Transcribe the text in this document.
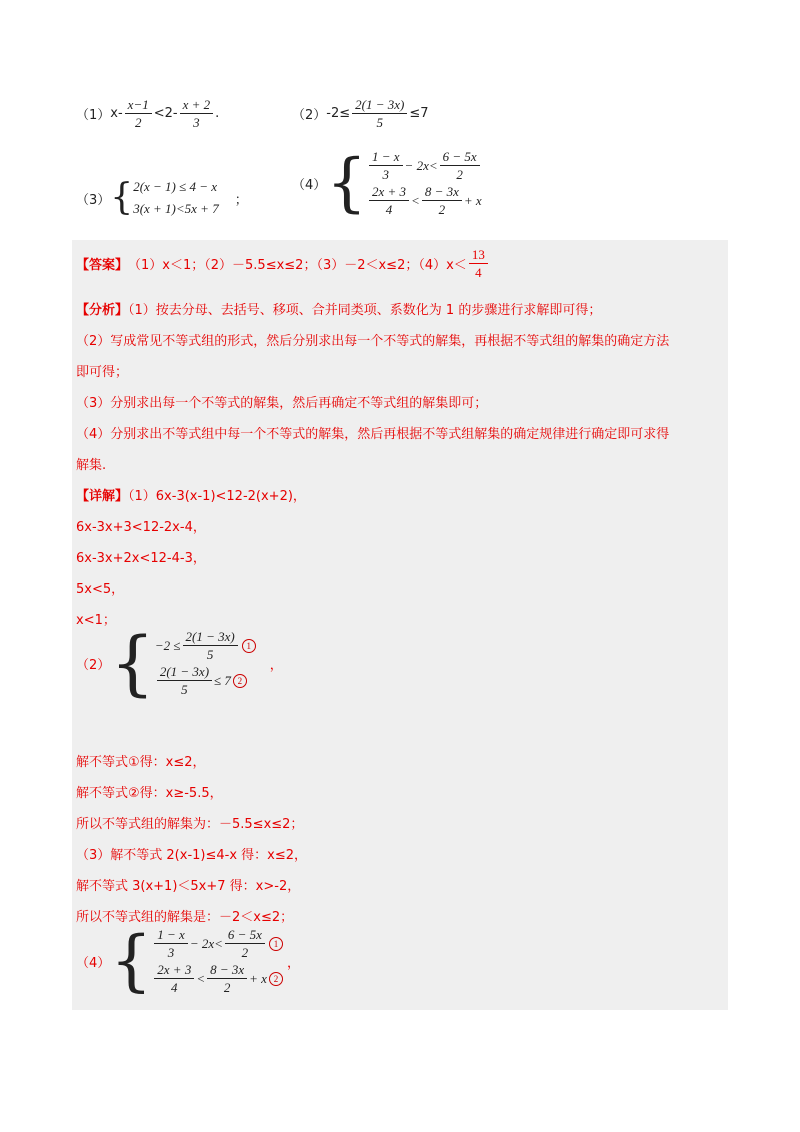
（1） $x- \frac{x-1}{2} <2- \frac{x + 2}{3}$ .	（2） $-2\le \frac{2(1 - 3x)}{5} \le 7$
（3） { 2(x − 1) ≤ 4 − x
3(x + 1)<5x + 7
；
（4） { $\frac{1 - x}{3} - 2x< \frac{6 - 5x}{2}$
$\frac{2x + 3}{4} < \frac{8 - 3x}{2} + x$
【答案】 （1）x＜1；（2）－5.5≤x≤2；（3）－2＜x≤2；$(4)x< \frac{13}{4}$
【分析】（1）按去分母、去括号、移项、合并同类项、系数化为 1 的步骤进行求解即可得；
（2）写成常见不等式组的形式，然后分别求出每一个不等式的解集，再根据不等式组的解集的确定方法
即可得；
（3）分别求出每一个不等式的解集，然后再确定不等式组的解集即可；
（4）分别求出不等式组中每一个不等式的解集，然后再根据不等式组解集的确定规律进行确定即可求得
解集.
【详解】（1）6x-3(x-1)<12-2(x+2)，
6x-3x+3<12-2x-4，
6x-3x+2x<12-4-3，
5x<5，
x<1；
（2） { $-2 \le \frac{2(1 - 3x)}{5} 1$
$\frac{2(1 - 3x)}{5} \le 7$ 2
，
解不等式①得：x≤2，
解不等式②得：x≥-5.5，
所以不等式组的解集为：－5.5≤x≤2；
（3）解不等式 2(x-1)≤4-x 得：x≤2，
解不等式 3(x+1)＜5x+7 得：x>-2，
所以不等式组的解集是：－2＜x≤2；
（4） { $\frac{1 - x}{3} - 2x< \frac{6 - 5x}{2} 1$
$\frac{2x + 3}{4} < \frac{8 - 3x}{2} + x$ 2
，
